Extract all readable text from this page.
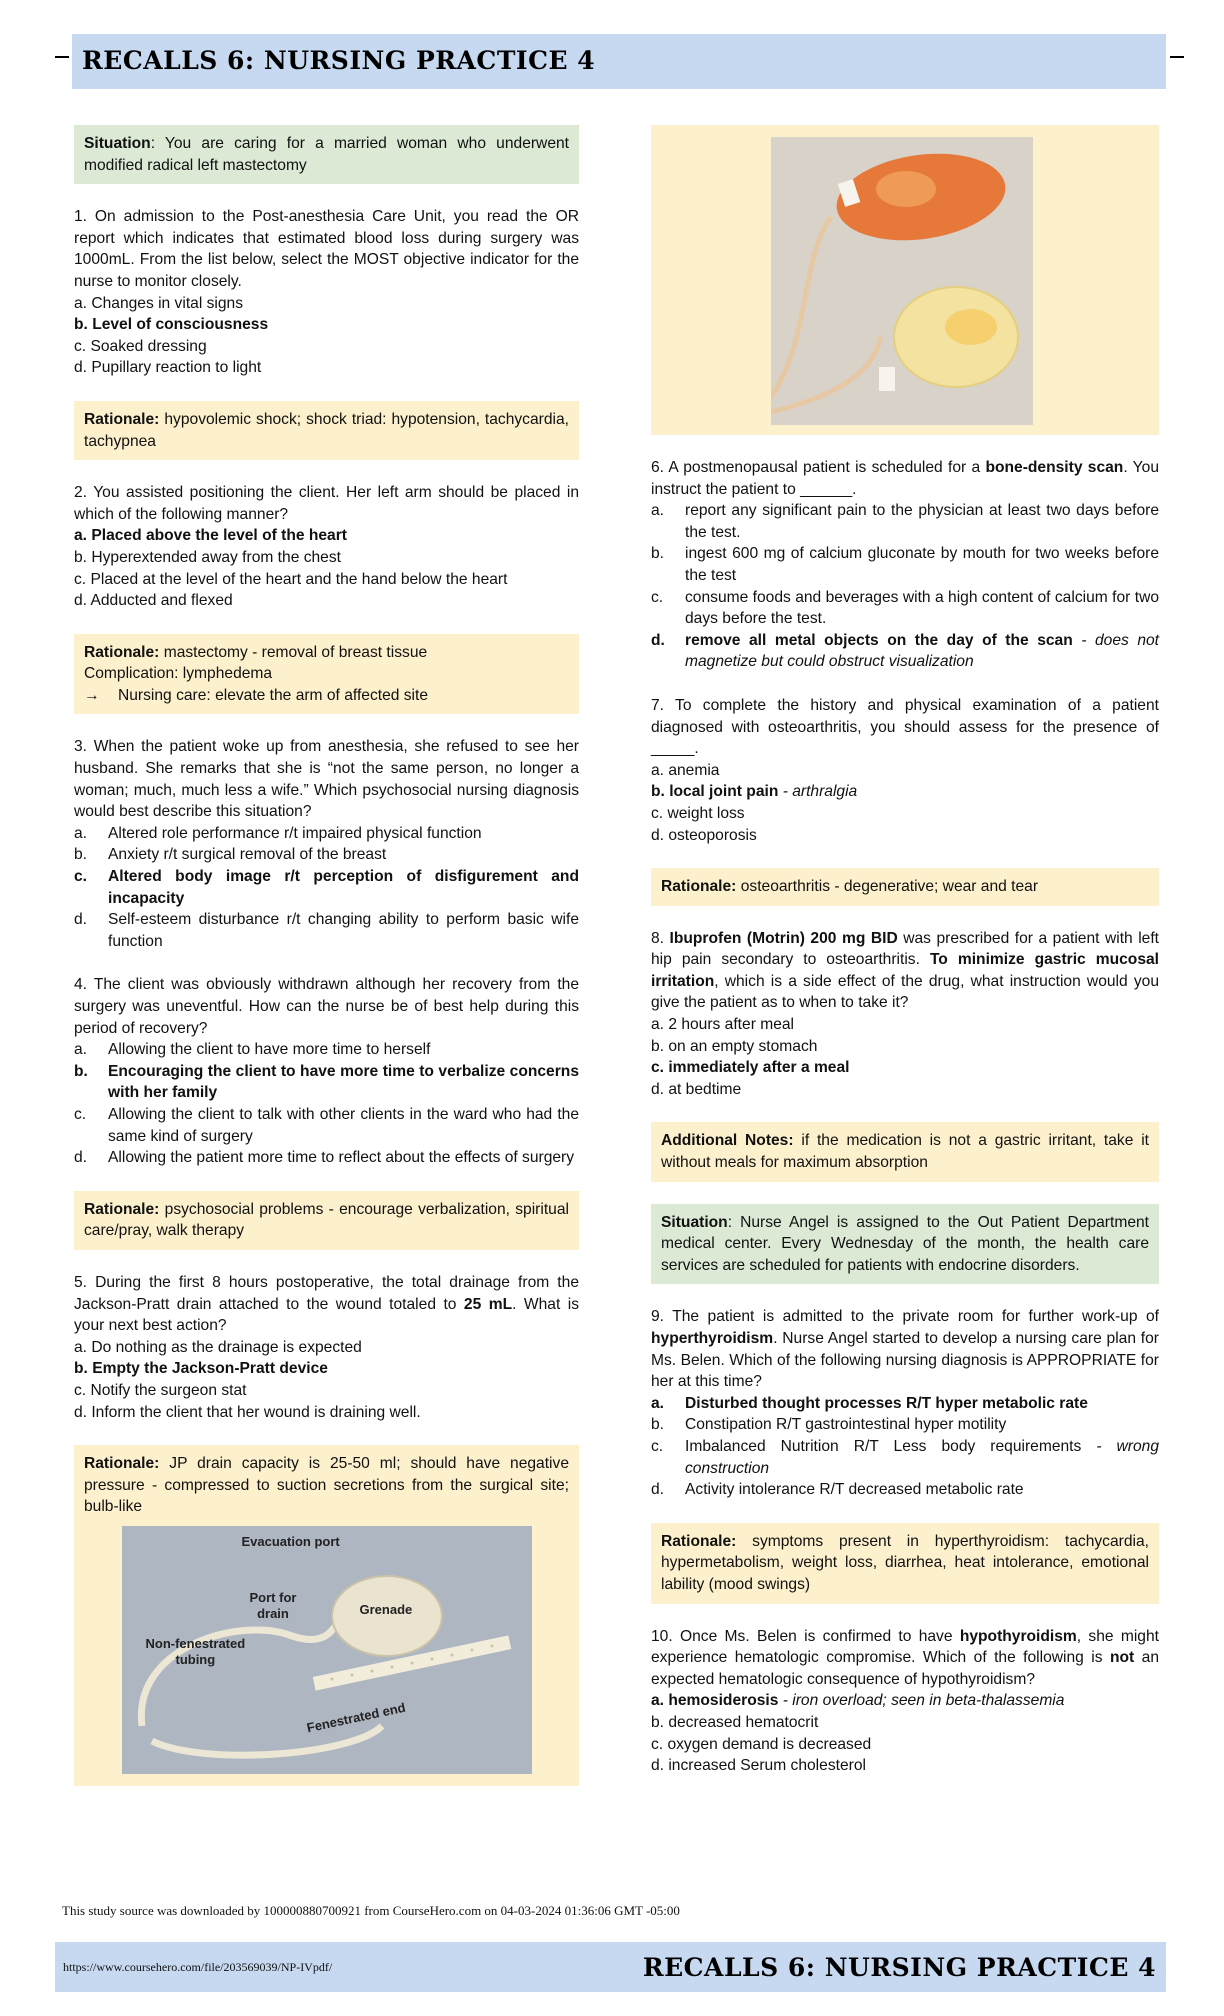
RECALLS 6: NURSING PRACTICE 4
Situation: You are caring for a married woman who underwent modified radical left mastectomy

1. On admission to the Post-anesthesia Care Unit, you read the OR report which indicates that estimated blood loss during surgery was 1000mL. From the list below, select the MOST objective indicator for the nurse to monitor closely.

a. Changes in vital signs
b. Level of consciousness
c. Soaked dressing
d. Pupillary reaction to light
Rationale: hypovolemic shock; shock triad: hypotension, tachycardia, tachypnea

2. You assisted positioning the client. Her left arm should be placed in which of the following manner?

a. Placed above the level of the heart
b. Hyperextended away from the chest
c. Placed at the level of the heart and the hand below the heart
d. Adducted and flexed
Rationale: mastectomy - removal of breast tissue
Complication: lymphedema
→	Nursing care: elevate the arm of affected site

3. When the patient woke up from anesthesia, she refused to see her husband. She remarks that she is “not the same person, no longer a woman; much, much less a wife.” Which psychosocial nursing diagnosis would best describe this situation?

a.	Altered role performance r/t impaired physical function
b.	Anxiety r/t surgical removal of the breast
c.	Altered body image r/t perception of disfigurement and incapacity
d.	Self-esteem disturbance r/t changing ability to perform basic wife function

4. The client was obviously withdrawn although her recovery from the surgery was uneventful. How can the nurse be of best help during this period of recovery?

a.	Allowing the client to have more time to herself
b.	Encouraging the client to have more time to verbalize concerns with her family
c.	Allowing the client to talk with other clients in the ward who had the same kind of surgery
d.	Allowing the patient more time to reflect about the effects of surgery
Rationale: psychosocial problems - encourage verbalization, spiritual care/pray, walk therapy

5. During the first 8 hours postoperative, the total drainage from the Jackson-Pratt drain attached to the wound totaled to 25 mL. What is your next best action?

a. Do nothing as the drainage is expected
b. Empty the Jackson-Pratt device
c. Notify the surgeon stat
d. Inform the client that her wound is draining well.
Rationale: JP drain capacity is 25-50 ml; should have negative pressure - compressed to suction secretions from the surgical site; bulb-like
Evacuation port
Port for
drain	Grenade
Non-fenestrated
tubing
Fenestrated end

6. A postmenopausal patient is scheduled for a bone-density scan. You instruct the patient to ______.

a.	report any significant pain to the physician at least two days before the test.
b.	ingest 600 mg of calcium gluconate by mouth for two weeks before the test
c.	consume foods and beverages with a high content of calcium for two days before the test.
d.	remove all metal objects on the day of the scan - does not magnetize but could obstruct visualization

7. To complete the history and physical examination of a patient diagnosed with osteoarthritis, you should assess for the presence of _____.

a. anemia
b. local joint pain - arthralgia
c. weight loss
d. osteoporosis
Rationale: osteoarthritis - degenerative; wear and tear

8. Ibuprofen (Motrin) 200 mg BID was prescribed for a patient with left hip pain secondary to osteoarthritis. To minimize gastric mucosal irritation, which is a side effect of the drug, what instruction would you give the patient as to when to take it?

a. 2 hours after meal
b. on an empty stomach
c. immediately after a meal
d. at bedtime
Additional Notes: if the medication is not a gastric irritant, take it without meals for maximum absorption
Situation: Nurse Angel is assigned to the Out Patient Department medical center. Every Wednesday of the month, the health care services are scheduled for patients with endocrine disorders.

9. The patient is admitted to the private room for further work-up of hyperthyroidism. Nurse Angel started to develop a nursing care plan for Ms. Belen. Which of the following nursing diagnosis is APPROPRIATE for her at this time?

a.	Disturbed thought processes R/T hyper metabolic rate
b.	Constipation R/T gastrointestinal hyper motility
c.	Imbalanced Nutrition R/T Less body requirements - wrong construction
d.	Activity intolerance R/T decreased metabolic rate
Rationale: symptoms present in hyperthyroidism: tachycardia, hypermetabolism, weight loss, diarrhea, heat intolerance, emotional lability (mood swings)

10. Once Ms. Belen is confirmed to have hypothyroidism, she might experience hematologic compromise. Which of the following is not an expected hematologic consequence of hypothyroidism?

a. hemosiderosis - iron overload; seen in beta-thalassemia
b. decreased hematocrit
c. oxygen demand is decreased
d. increased Serum cholesterol
This study source was downloaded by 100000880700921 from CourseHero.com on 04-03-2024 01:36:06 GMT -05:00
https://www.coursehero.com/file/203569039/NP-IVpdf/	RECALLS 6: NURSING PRACTICE 4
